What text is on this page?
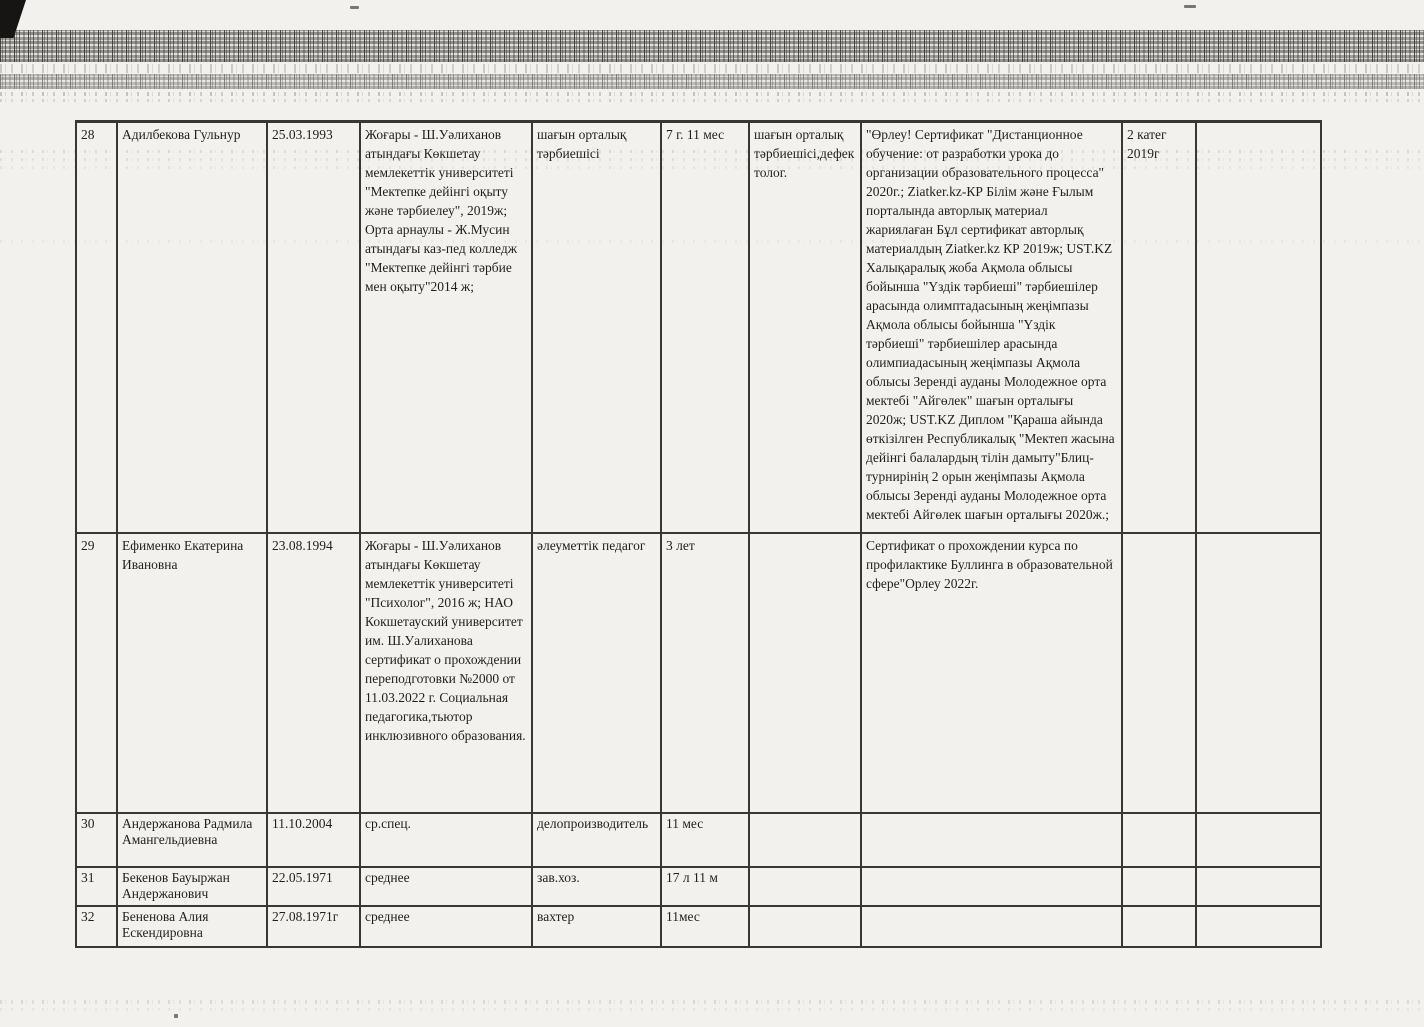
28	Адилбекова Гульнур	25.03.1993	Жоғары - Ш.Уәлиханов атындағы Көкшетау мемлекеттік университеті "Мектепке дейінгі оқыту және тәрбиелеу", 2019ж; Орта арнаулы - Ж.Мусин атындағы каз-пед колледж "Мектепке дейінгі тәрбие мен оқыту"2014 ж;	шағын орталық тәрбиешісі	7 г. 11 мес	шағын орталық тәрбиешісі,дефектолог.	"Өрлеу! Сертификат "Дистанционное обучение: от разработки урока до организации образовательного процесса" 2020г.; Ziatker.kz-КР Білім және Ғылым порталында авторлық материал жариялаған Бұл сертификат авторлық материалдың Ziatker.kz КР 2019ж; UST.KZ Халықаралық жоба Ақмола облысы бойынша "Үздік тәрбиеші" тәрбиешілер арасында олимптадасының жеңімпазы Ақмола облысы бойынша "Үздік тәрбиеші" тәрбиешілер арасында олимпиадасының жеңімпазы Ақмола облысы Зеренді ауданы Молодежное орта мектебі "Айгөлек" шағын орталығы 2020ж; UST.KZ Диплом "Қараша айында өткізілген Республикалық "Мектеп жасына дейінгі балалардың тілін дамыту"Блиц-турнирінің 2 орын жеңімпазы Ақмола облысы Зеренді ауданы Молодежное орта мектебі Айгөлек шағын орталығы 2020ж.;	2 катег 2019г	
29	Ефименко Екатерина Ивановна	23.08.1994	Жоғары - Ш.Уәлиханов атындағы Көкшетау мемлекеттік университеті "Психолог", 2016 ж; НАО Кокшетауский университет им. Ш.Уалиханова сертификат о прохождении переподготовки №2000 от 11.03.2022 г. Социальная педагогика,тьютор инклюзивного образования.	әлеуметтік педагог	3 лет		Сертификат о прохождении курса по профилактике Буллинга в образовательной сфере"Орлеу 2022г.		
30	Андержанова Радмила Амангельдиевна	11.10.2004	ср.спец.	делопроизводитель	11 мес				
31	Бекенов Бауыржан Андержанович	22.05.1971	среднее	зав.хоз.	17 л 11 м				
32	Бененова Алия Ескендировна	27.08.1971г	среднее	вахтер	11мес				
